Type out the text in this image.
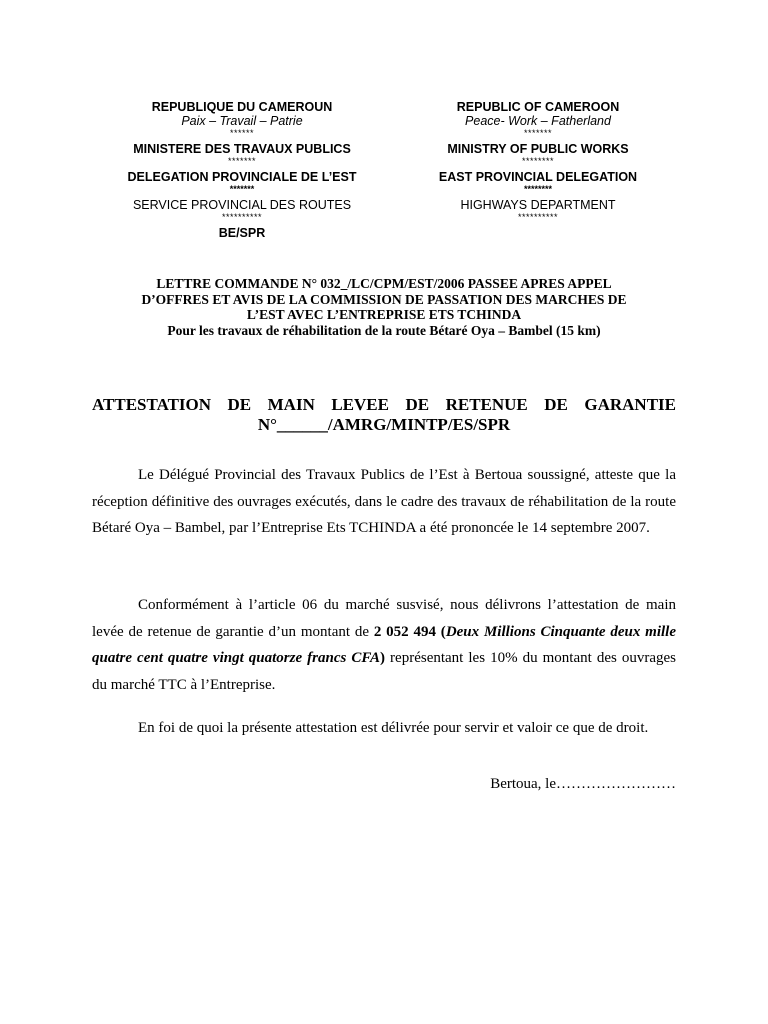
REPUBLIQUE DU CAMEROUN
Paix – Travail – Patrie
******
MINISTERE DES TRAVAUX PUBLICS
*******
DELEGATION PROVINCIALE DE L’EST
*******
SERVICE PROVINCIAL DES ROUTES
**********
BE/SPR
REPUBLIC OF CAMEROON
Peace- Work – Fatherland
*******
MINISTRY OF PUBLIC WORKS
********
EAST PROVINCIAL DELEGATION
********
HIGHWAYS DEPARTMENT
**********
LETTRE COMMANDE N° 032_/LC/CPM/EST/2006 PASSEE APRES APPEL
D’OFFRES ET AVIS DE LA COMMISSION DE PASSATION DES MARCHES DE
L’EST AVEC L’ENTREPRISE ETS TCHINDA
Pour les travaux de réhabilitation de la route Bétaré Oya – Bambel (15 km)
ATTESTATION DE MAIN LEVEE DE RETENUE DE GARANTIE
N°______/AMRG/MINTP/ES/SPR

Le Délégué Provincial des Travaux Publics de l’Est à Bertoua soussigné, atteste que la réception définitive des ouvrages exécutés, dans le cadre des travaux de réhabilitation de la route Bétaré Oya – Bambel, par l’Entreprise Ets TCHINDA a été prononcée le 14 septembre 2007.

Conformément à l’article 06 du marché susvisé, nous délivrons l’attestation de main levée de retenue de garantie d’un montant de 2 052 494 (Deux Millions Cinquante deux mille quatre cent quatre vingt quatorze francs CFA) représentant les 10% du montant des ouvrages du marché TTC à l’Entreprise.

En foi de quoi la présente attestation est délivrée pour servir et valoir ce que de droit.

Bertoua, le……………………
